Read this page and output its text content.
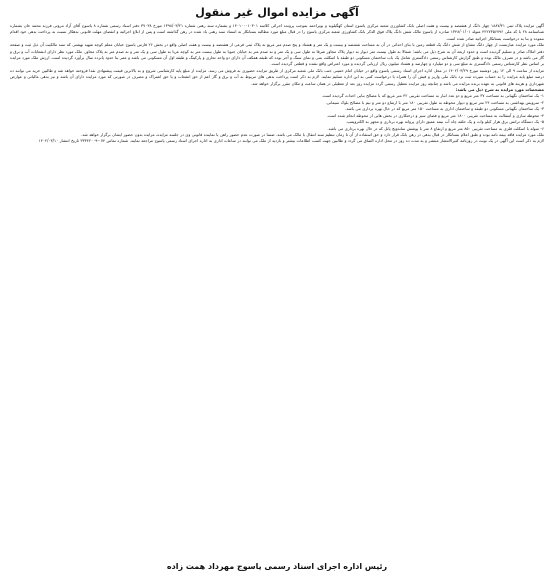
آگهی مزایده اموال غیر منقول

آگهی مزایده پلاک ثبتی ۱۸۸۷/۴۱ چهار دانگ از هشتصد و بیست و هفت اصلی بانک کشاورزی شعبه مرکزی یاسوج استان کهگیلویه و بویراحمد بموجب پرونده اجرائی کلاسه ۱۴۰۱۰۰۰۱۰۳۰۱ و بشماره سند رهنی شماره ۱۳۹۸/۰۳/۲۱ مورخ ۳۷۰۳۸ دفتر اسناد رسمی شماره ۸ یاسوج آقای آزاد مروتی فرزند محمد خان بشماره شناسنامه ۲۸ با کد ملی ۴۲۲۷۳۵۶۷۹۶ متولد ۱۳۴۸/۰۱/۰۱ صادره از یاسوج مالک شش دانگ پلاک فوق الذکر بانک کشاورزی شعبه مرکزی یاسوج را در قبال مبلغ مورد مطالبه بستانکار به استناد سند رهنی یاد شده در رهن گذاشته است و پس از ابلاغ اجرائیه و انقضای مهلت قانونی بدهکار نسبت به پرداخت بدهی خود اقدام ننموده و بنا به درخواست بستانکار اجرائیه صادر شده است.

ملک مورد مزایده عبارتست از چهار دانگ مشاع از شش دانگ یک قطعه زمین با بنای احداثی در آن به مساحت ششصد و بیست و یک متر و هشتاد و پنج صدم متر مربع به پلاک ثبتی فرعی از هشتصد و بیست و هفت اصلی واقع در بخش ۲۶ فارس یاسوج خیابان معلم کوچه شهید بهشتی که سند مالکیت آن ذیل ثبت و صفحه دفتر املاک صادر و تسلیم گردیده است و حدود اربعه آن به شرح ذیل می باشد: شمالا به طول بیست متر دیوار به دیوار پلاک مجاور شرقا به طول سی و یک متر و نه صدم متر به خیابان جنوبا به طول بیست متر به کوچه غربا به طول سی و یک متر و نه صدم متر به پلاک مجاور. ملک مورد نظر دارای انشعابات آب و برق و گاز می باشد و در تصرف مالک بوده و طبق گزارش کارشناس رسمی دادگستری شامل یک باب ساختمان مسکونی دو طبقه با اسکلت بتنی و نمای سنگ و آجر بوده که طبقه همکف آن دارای دو واحد تجاری و پارکینگ و طبقه اول آن مسکونی می باشد و عمر بنا حدود پانزده سال برآورد گردیده است. ارزش ملک مورد مزایده بر اساس نظر کارشناس رسمی دادگستری به مبلغ سی و دو میلیارد و چهارصد و هشتاد میلیون ریال ارزیابی گردیده و مورد اعتراض واقع نشده و قطعی گردیده است.

مزایده از ساعت ۹ الی ۱۲ روز دوشنبه مورخ ۱۴۰۲/۰۳/۲۹ در محل اداره اجرای اسناد رسمی یاسوج واقع در خیابان امام خمینی جنب بانک ملی شعبه مرکزی از طریق مزایده حضوری به فروش می رسد. مزایده از مبلغ پایه کارشناسی شروع و به بالاترین قیمت پیشنهادی نقدا فروخته خواهد شد و طالبین خرید می توانند ده درصد مبلغ پایه مزایده را به حساب سپرده ثبت نزد بانک ملی واریز و فیش آن را همراه با درخواست کتبی به این اداره تسلیم نمایند. لازم به ذکر است پرداخت بدهی های مربوط به آب و برق و گاز اعم از حق انشعاب و یا حق اشتراک و مصرف در صورتی که مورد مزایده دارای آن باشد و نیز بدهی مالیاتی و عوارض شهرداری و هزینه های قانونی به عهده برنده مزایده می باشد و چنانچه روز مزایده تعطیل رسمی گردد مزایده روز بعد از تعطیلی در همان ساعت و مکان مقرر برگزار خواهد شد.

مشخصات مورد مزایده به شرح ذیل می باشد:

۱- یک ساختمان نگهبانی به مساحت ۳۷ متر مربع و دو عدد انبار به مساحت تقریبی ۴۲ متر مربع که با مصالح بنایی احداث گردیده است.

۲- سرویس بهداشتی به مساحت ۲۴ متر مربع و دیوار محوطه به طول تقریبی ۱۸۰ متر با ارتفاع دو متر و نیم با مصالح بلوک سیمانی.

۳- یک ساختمان نگهبانی مسکونی دو طبقه و ساختمان اداری به مساحت ۱۵۰ متر مربع که در حال بهره برداری می باشد.

۴- محوطه سازی و آسفالت به مساحت تقریبی ۱۸۰۰ متر مربع و فضای سبز و درختکاری در بخش هایی از محوطه انجام شده است.

۵- یک دستگاه ترانس برق هزار کیلو وات و یک حلقه چاه آب نیمه عمیق دارای پروانه بهره برداری و مجهز به الکتروپمپ.

۶- سوله با اسکلت فلزی به مساحت تقریبی ۸۵۰ متر مربع و ارتفاع ۸ متر با پوشش ساندویچ پانل که در حال بهره برداری می باشد.

ملک مورد مزایده فاقد بیمه نامه بوده و طبق اعلام بستانکار در قبال بدهی در رهن بانک قرار دارد و حق استفاده از آن تا زمان تنظیم سند انتقال با مالک می باشد. ضمنا در صورت عدم حضور راهن یا نماینده قانونی وی در جلسه مزایده، مزایده بدون حضور ایشان برگزار خواهد شد.

لازم به ذکر است این آگهی در یک نوبت در روزنامه کثیرالانتشار منتشر و به مدت ده روز در محل اداره الصاق می گردد و طالبین جهت کسب اطلاعات بیشتر و بازدید از ملک می توانند در ساعات اداری به اداره اجرای اسناد رسمی یاسوج مراجعه نمایند. شماره تماس ۰۷۴-۳۳۳۴۲۰۰۹ تاریخ انتشار ۱۴۰۲/۰۳/۱۰

رئیس اداره اجرای اسناد رسمی یاسوج مهرداد همت زاده
